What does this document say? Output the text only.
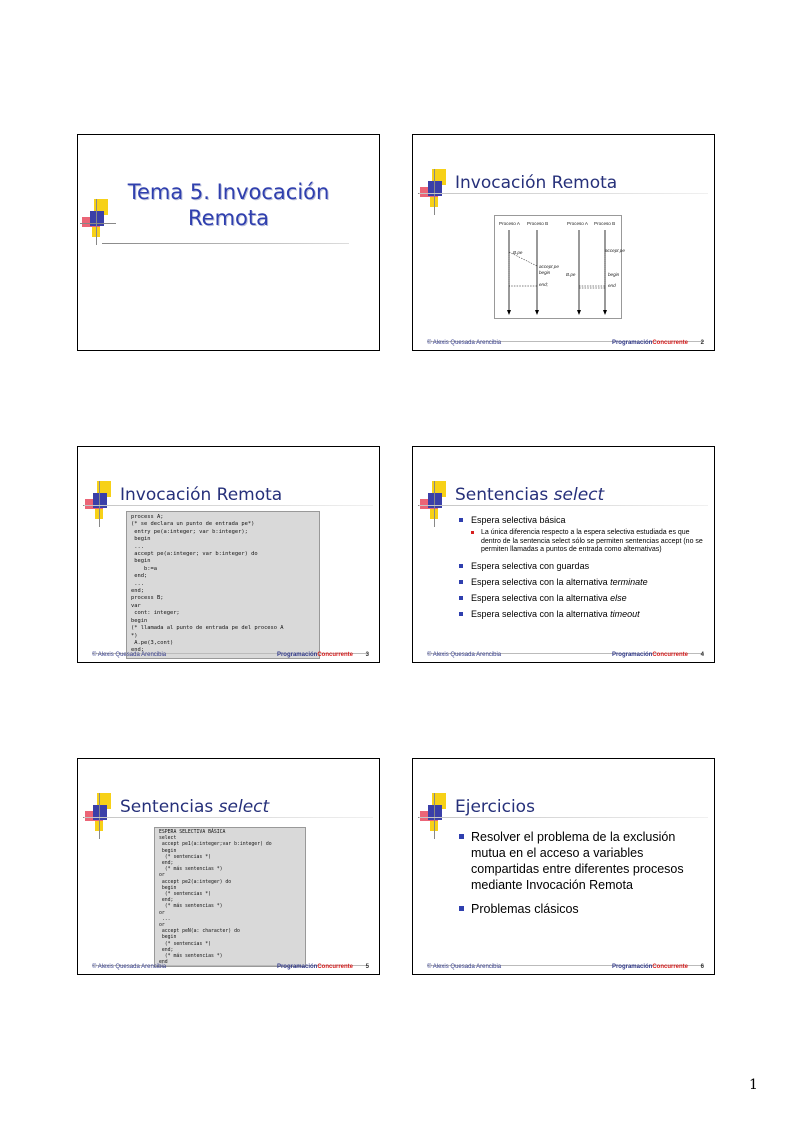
Tema 5. Invocación
Remota
Invocación Remota
Proceso A Proceso B	Proceso A Proceso B
B.pe
accept pe
begin
end;
accept pe
B.pe	begin
end
© Alexis Quesada Arencibia	ProgramaciónConcurrente 2
Invocación Remota
process A;
(* se declara un punto de entrada pe*)
entry pe(a:integer; var b:integer);
begin
...
accept pe(a:integer; var b:integer) do
begin
b:=a
end;
...
end;
process B;
var
cont: integer;
begin
(* llamada al punto de entrada pe del proceso A
*)
A.pe(3,cont)
end;
© Alexis Quesada Arencibia	ProgramaciónConcurrente 3
Sentencias select
Espera selectiva básica
La única diferencia respecto a la espera selectiva estudiada es que dentro de la sentencia select sólo se permiten sentencias accept (no se permiten llamadas a puntos de entrada como alternativas)
Espera selectiva con guardas
Espera selectiva con la alternativa terminate
Espera selectiva con la alternativa else
Espera selectiva con la alternativa timeout
© Alexis Quesada Arencibia	ProgramaciónConcurrente 4
Sentencias select
ESPERA SELECTIVA BÁSICA
select
accept pe1(a:integer;var b:integer) do
begin
(* sentencias *)
end;
(* más sentencias *)
or
accept pe2(a:integer) do
begin
(* sentencias *)
end;
(* más sentencias *)
or
...
or
accept peN(a: character) do
begin
(* sentencias *)
end;
(* más sentencias *)
end
© Alexis Quesada Arencibia	ProgramaciónConcurrente 5
Ejercicios
Resolver el problema de la exclusión mutua en el acceso a variables compartidas entre diferentes procesos mediante Invocación Remota
Problemas clásicos
© Alexis Quesada Arencibia	ProgramaciónConcurrente 6
1
